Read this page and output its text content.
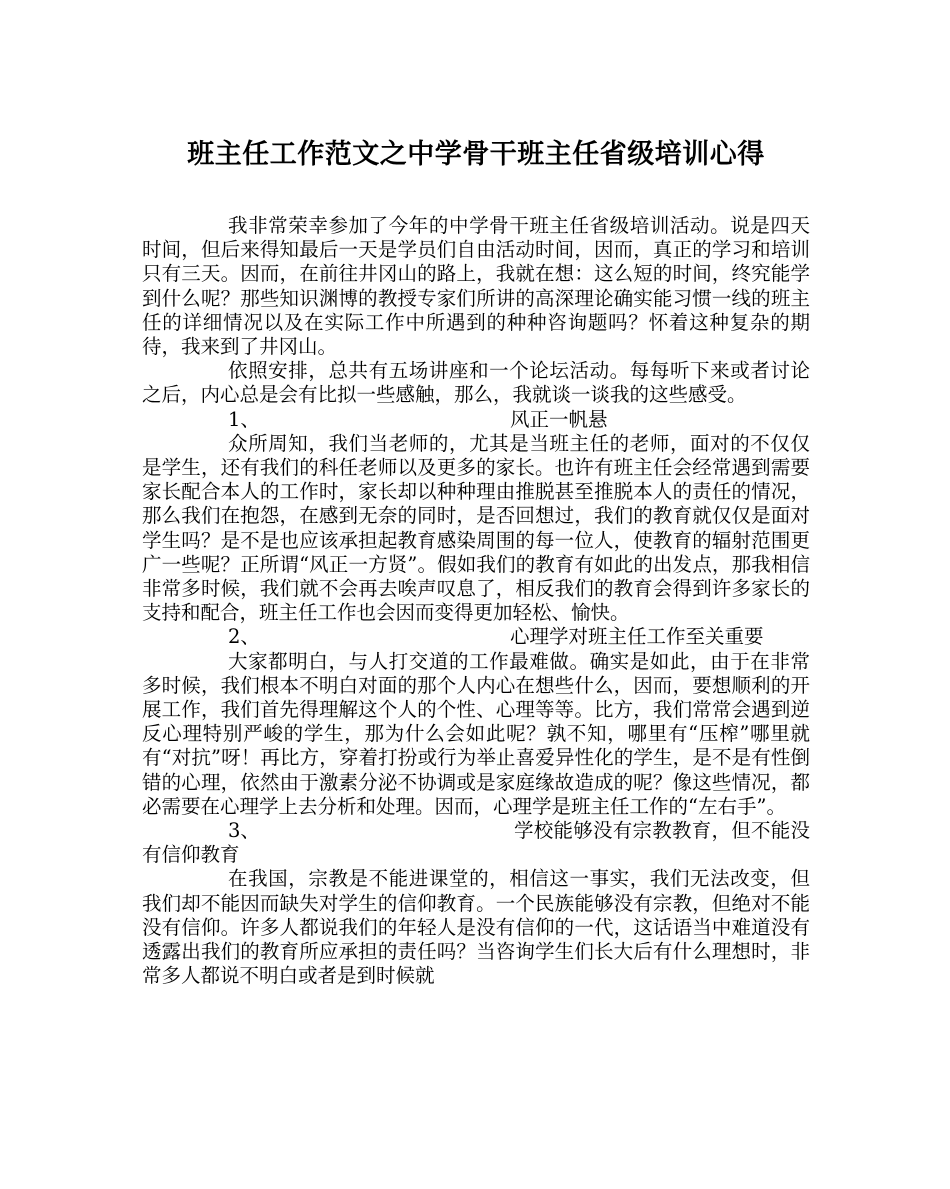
班主任工作范文之中学骨干班主任省级培训心得

我非常荣幸参加了今年的中学骨干班主任省级培训活动。说是四天时间，但后来得知最后一天是学员们自由活动时间，因而，真正的学习和培训只有三天。因而，在前往井冈山的路上，我就在想：这么短的时间，终究能学到什么呢？那些知识渊博的教授专家们所讲的高深理论确实能习惯一线的班主任的详细情况以及在实际工作中所遇到的种种咨询题吗？怀着这种复杂的期待，我来到了井冈山。

依照安排，总共有五场讲座和一个论坛活动。每每听下来或者讨论之后，内心总是会有比拟一些感触，那么，我就谈一谈我的这些感受。

1、	风正一帆悬

众所周知，我们当老师的，尤其是当班主任的老师，面对的不仅仅是学生，还有我们的科任老师以及更多的家长。也许有班主任会经常遇到需要家长配合本人的工作时，家长却以种种理由推脱甚至推脱本人的责任的情况，那么我们在抱怨，在感到无奈的同时，是否回想过，我们的教育就仅仅是面对学生吗？是不是也应该承担起教育感染周围的每一位人，使教育的辐射范围更广一些呢？正所谓“风正一方贤”。假如我们的教育有如此的出发点，那我相信非常多时候，我们就不会再去唉声叹息了，相反我们的教育会得到许多家长的支持和配合，班主任工作也会因而变得更加轻松、愉快。

2、	心理学对班主任工作至关重要

大家都明白，与人打交道的工作最难做。确实是如此，由于在非常多时候，我们根本不明白对面的那个人内心在想些什么，因而，要想顺利的开展工作，我们首先得理解这个人的个性、心理等等。比方，我们常常会遇到逆反心理特别严峻的学生，那为什么会如此呢？孰不知，哪里有“压榨”哪里就有“对抗”呀！再比方，穿着打扮或行为举止喜爱异性化的学生，是不是有性倒错的心理，依然由于激素分泌不协调或是家庭缘故造成的呢？像这些情况，都必需要在心理学上去分析和处理。因而，心理学是班主任工作的“左右手”。

3、	学校能够没有宗教教育，但不能没有信仰教育

在我国，宗教是不能进课堂的，相信这一事实，我们无法改变，但我们却不能因而缺失对学生的信仰教育。一个民族能够没有宗教，但绝对不能没有信仰。许多人都说我们的年轻人是没有信仰的一代，这话语当中难道没有透露出我们的教育所应承担的责任吗？当咨询学生们长大后有什么理想时，非常多人都说不明白或者是到时候就
